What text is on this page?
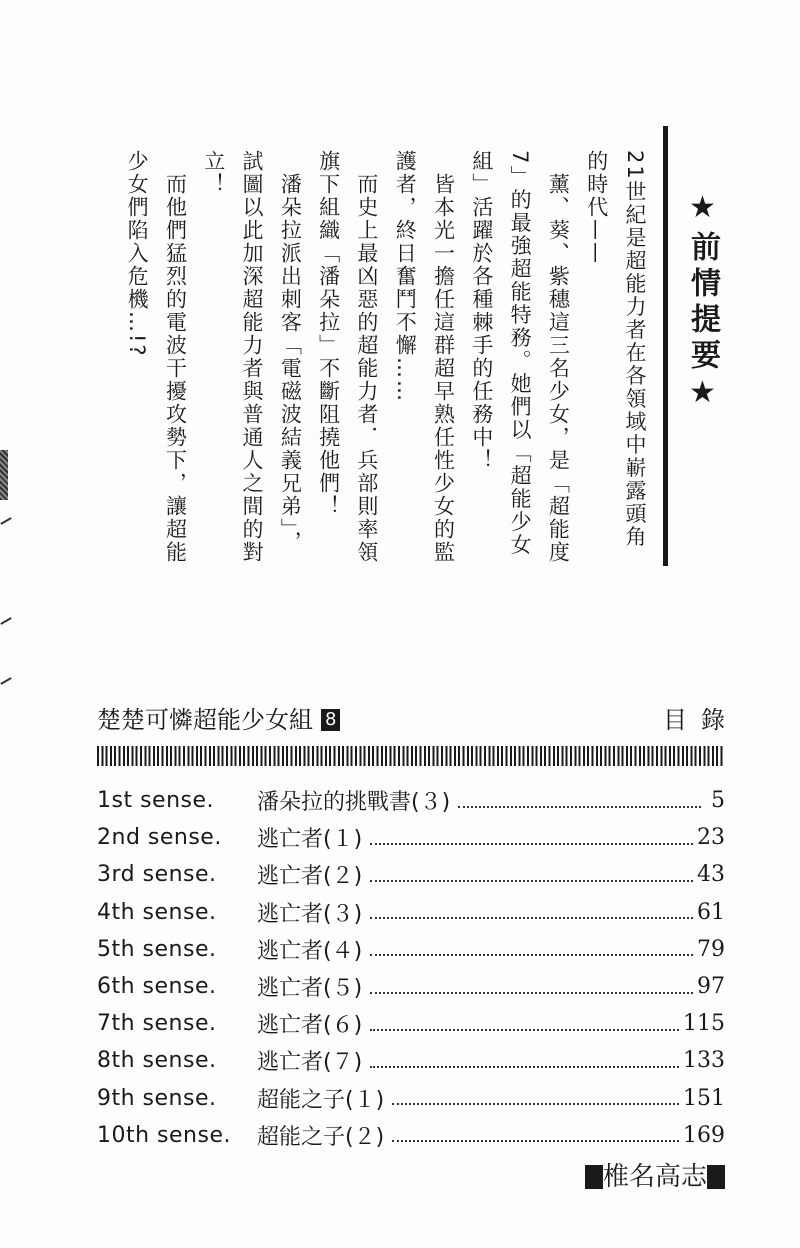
★前情提要★

21世紀是超能力者在各領域中嶄露頭角

的時代——

　薰、葵、紫穗這三名少女，是「超能度

7」的最強超能特務。她們以「超能少女

組」活躍於各種棘手的任務中！

　皆本光一擔任這群超早熟任性少女的監

護者，終日奮鬥不懈……

　而史上最凶惡的超能力者．兵部則率領

旗下組織「潘朵拉」不斷阻撓他們！

　潘朵拉派出刺客「電磁波結義兄弟」，

試圖以此加深超能力者與普通人之間的對

立！

　而他們猛烈的電波干擾攻勢下，讓超能

少女們陷入危機…!?

楚楚可憐超能少女組 8	目錄
1st sense.	潘朵拉的挑戰書(３)	5
2nd sense.	逃亡者(１)	23
3rd sense.	逃亡者(２)	43
4th sense.	逃亡者(３)	61
5th sense.	逃亡者(４)	79
6th sense.	逃亡者(５)	97
7th sense.	逃亡者(６)	115
8th sense.	逃亡者(７)	133
9th sense.	超能之子(１)	151
10th sense.	超能之子(２)	169
椎名高志
